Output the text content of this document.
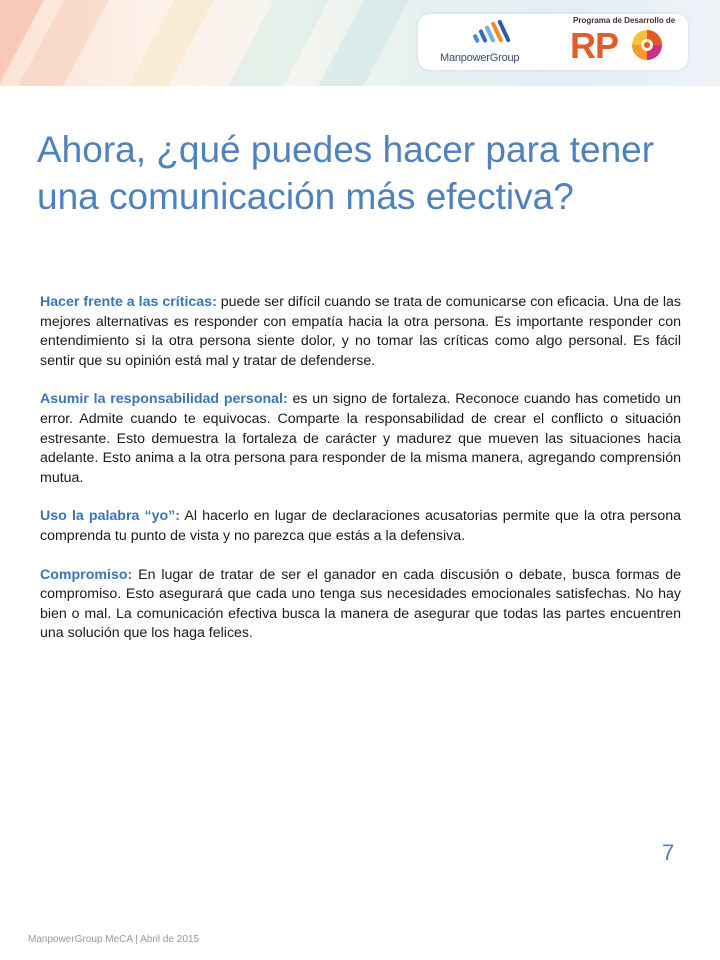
ManpowerGroup
Programa de Desarrollo de
RP
Ahora, ¿qué puedes hacer para tener una comunicación más efectiva?

Hacer frente a las críticas: puede ser difícil cuando se trata de comunicarse con eficacia. Una de las mejores alternativas es responder con empatía hacia la otra persona. Es importante responder con entendimiento si la otra persona siente dolor, y no tomar las críticas como algo personal. Es fácil sentir que su opinión está mal y tratar de defenderse.

Asumir la responsabilidad personal: es un signo de fortaleza. Reconoce cuando has cometido un error. Admite cuando te equivocas. Comparte la responsabilidad de crear el conflicto o situación estresante. Esto demuestra la fortaleza de carácter y madurez que mueven las situaciones hacia adelante. Esto anima a la otra persona para responder de la misma manera, agregando comprensión mutua.

Uso la palabra “yo”: Al hacerlo en lugar de declaraciones acusatorias permite que la otra persona comprenda tu punto de vista y no parezca que estás a la defensiva.

Compromiso: En lugar de tratar de ser el ganador en cada discusión o debate, busca formas de compromiso. Esto asegurará que cada uno tenga sus necesidades emocionales satisfechas. No hay bien o mal. La comunicación efectiva busca la manera de asegurar que todas las partes encuentren una solución que los haga felices.

7
ManpowerGroup MeCA | Abril de 2015
